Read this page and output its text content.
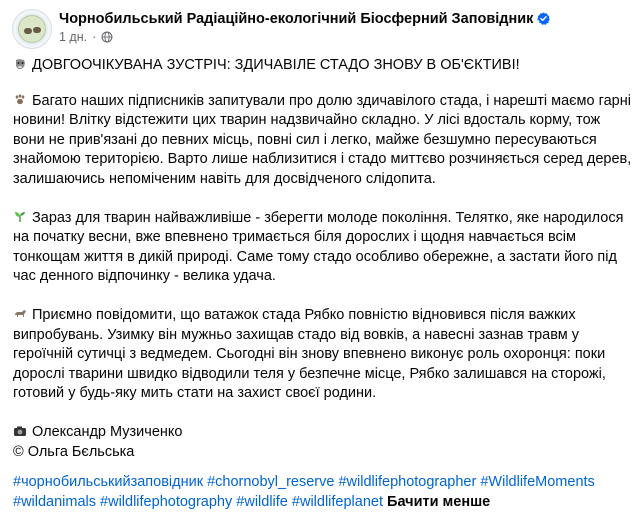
Чорнобильський Радіаційно-екологічний Біосферний Заповідник
1 дн. ·
ДОВГООЧІКУВАНА ЗУСТРІЧ: ЗДИЧАВІЛЕ СТАДО ЗНОВУ В ОБ'ЄКТИВІ!
Багато наших підписників запитували про долю здичавілого стада, і нарешті маємо гарні новини! Влітку відстежити цих тварин надзвичайно складно. У лісі вдосталь корму, тож вони не прив'язані до певних місць, повні сил і легко, майже безшумно пересуваються знайомою територією. Варто лише наблизитися і стадо миттєво розчиняється серед дерев, залишаючись непоміченим навіть для досвідченого слідопита.
Зараз для тварин найважливіше - зберегти молоде покоління. Телятко, яке народилося на початку весни, вже впевнено тримається біля дорослих і щодня навчається всім тонкощам життя в дикій природі. Саме тому стадо особливо обережне, а застати його під час денного відпочинку - велика удача.
Приємно повідомити, що ватажок стада Рябко повністю відновився після важких випробувань. Узимку він мужньо захищав стадо від вовків, а навесні зазнав травм у героїчній сутичці з ведмедем. Сьогодні він знову впевнено виконує роль охоронця: поки дорослі тварини швидко відводили теля у безпечне місце, Рябко залишався на сторожі, готовий у будь-яку мить стати на захист своєї родини.
Олександр Музиченко
© Ольга Бєльська
#чорнобильськийзаповідник #chornobyl_reserve #wildlifephotographer #WildlifeMoments #wildanimals #wildlifephotography #wildlife #wildlifeplanet Бачити менше
